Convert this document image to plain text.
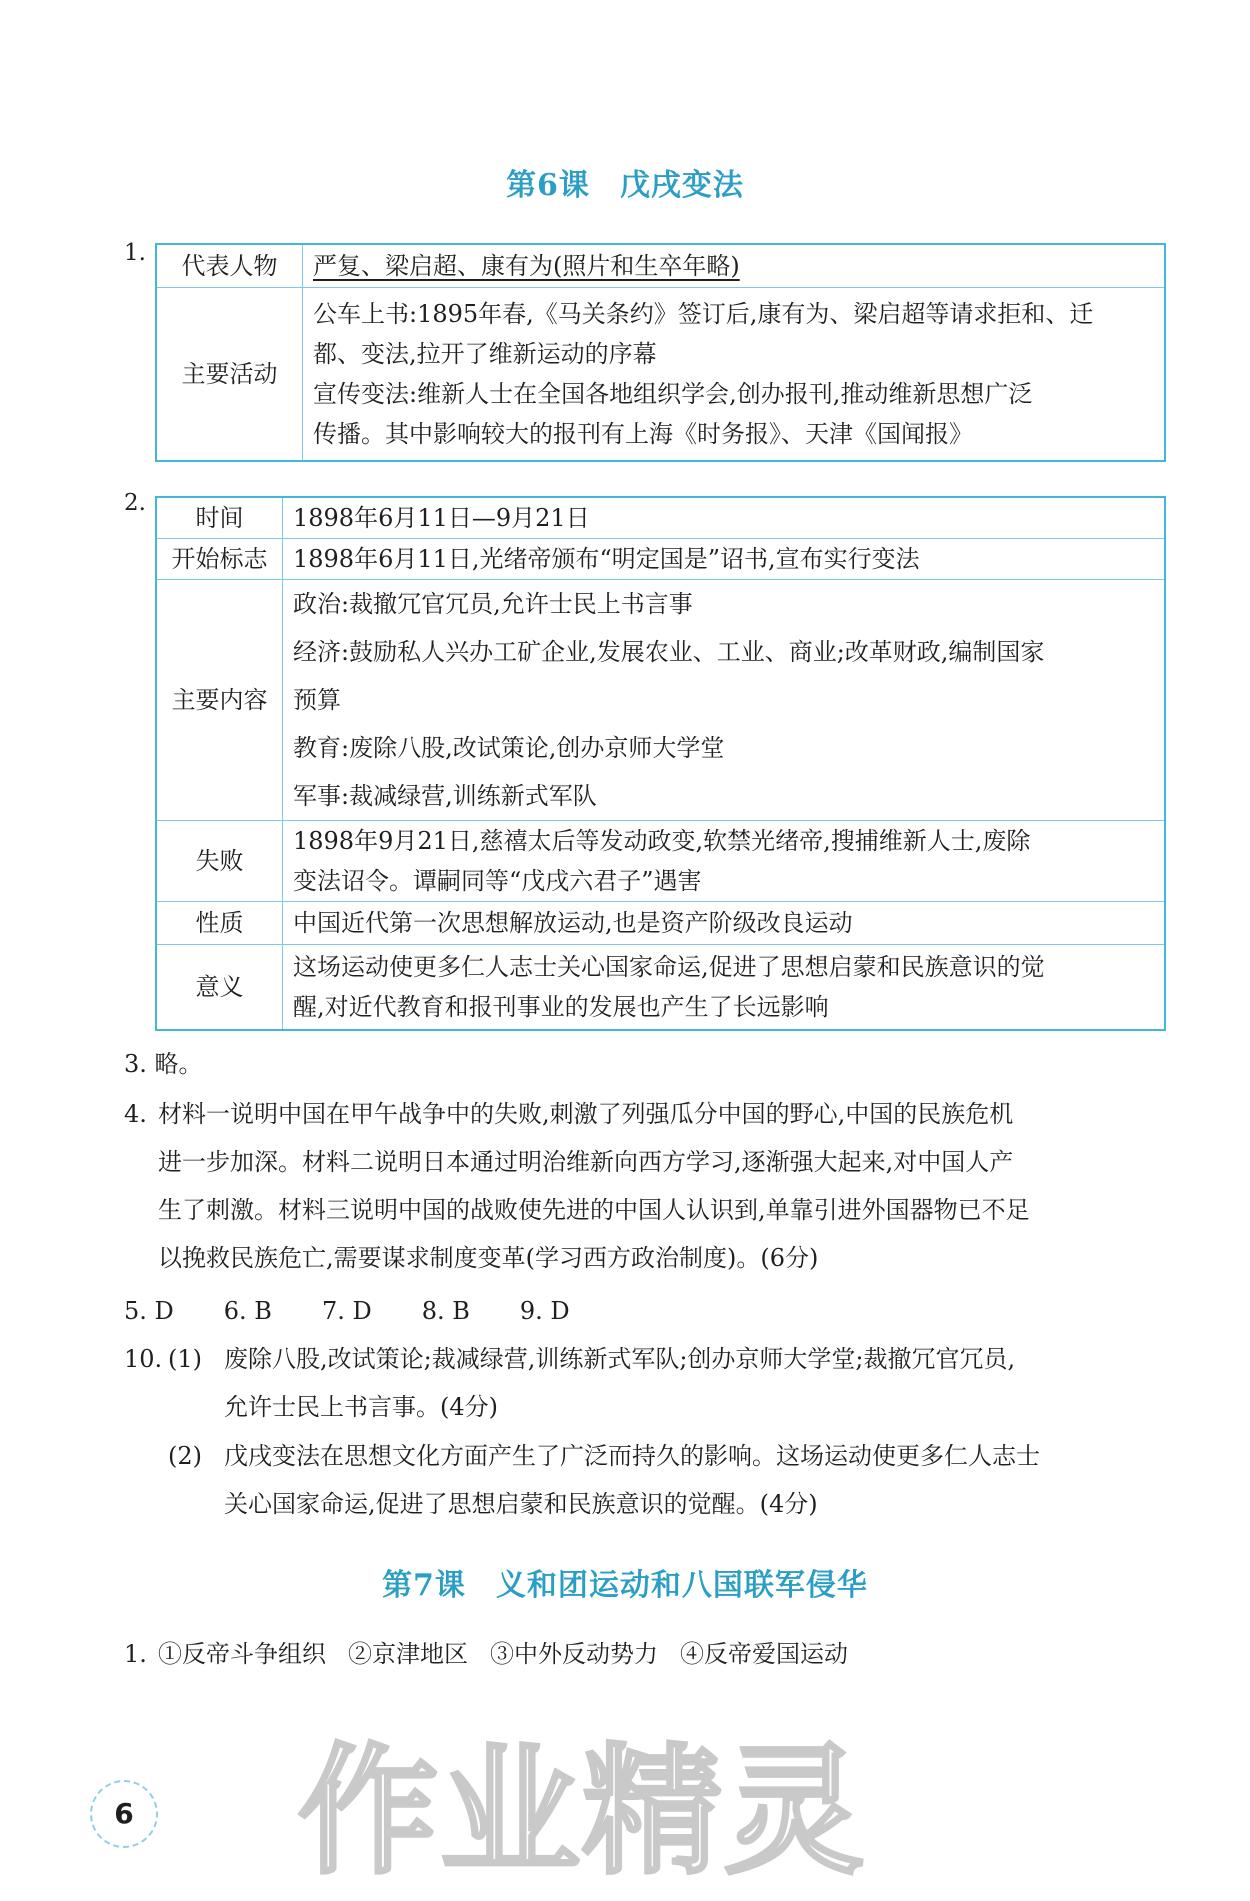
第6课 戊戌变法
1. 代表人物	严复、梁启超、康有为(照片和生卒年略)
主要活动	公车上书:1895年春,《马关条约》签订后,康有为、梁启超等请求拒和、迁
都、变法,拉开了维新运动的序幕
宣传变法:维新人士在全国各地组织学会,创办报刊,推动维新思想广泛
传播。其中影响较大的报刊有上海《时务报》、天津《国闻报》
2.
时间	1898年6月11日—9月21日
开始标志	1898年6月11日,光绪帝颁布“明定国是”诏书,宣布实行变法
主要内容	政治:裁撤冗官冗员,允许士民上书言事
经济:鼓励私人兴办工矿企业,发展农业、工业、商业;改革财政,编制国家
预算
教育:废除八股,改试策论,创办京师大学堂
军事:裁减绿营,训练新式军队

失败	1898年9月21日,慈禧太后等发动政变,软禁光绪帝,搜捕维新人士,废除
变法诏令。谭嗣同等“戊戌六君子”遇害

性质	中国近代第一次思想解放运动,也是资产阶级改良运动
意义	这场运动使更多仁人志士关心国家命运,促进了思想启蒙和民族意识的觉
醒,对近代教育和报刊事业的发展也产生了长远影响
3. 略。
4. 材料一说明中国在甲午战争中的失败,刺激了列强瓜分中国的野心,中国的民族危机
进一步加深。材料二说明日本通过明治维新向西方学习,逐渐强大起来,对中国人产
生了刺激。材料三说明中国的战败使先进的中国人认识到,单靠引进外国器物已不足
以挽救民族危亡,需要谋求制度变革(学习西方政治制度)。(6分)
5. D 6. B 7. D 8. B 9. D
10. (1) 废除八股,改试策论;裁减绿营,训练新式军队;创办京师大学堂;裁撤冗官冗员,
允许士民上书言事。(4分)
(2) 戊戌变法在思想文化方面产生了广泛而持久的影响。这场运动使更多仁人志士
关心国家命运,促进了思想启蒙和民族意识的觉醒。(4分)
第7课 义和团运动和八国联军侵华
1. ①反帝斗争组织 ②京津地区 ③中外反动势力 ④反帝爱国运动
作业精灵
6
